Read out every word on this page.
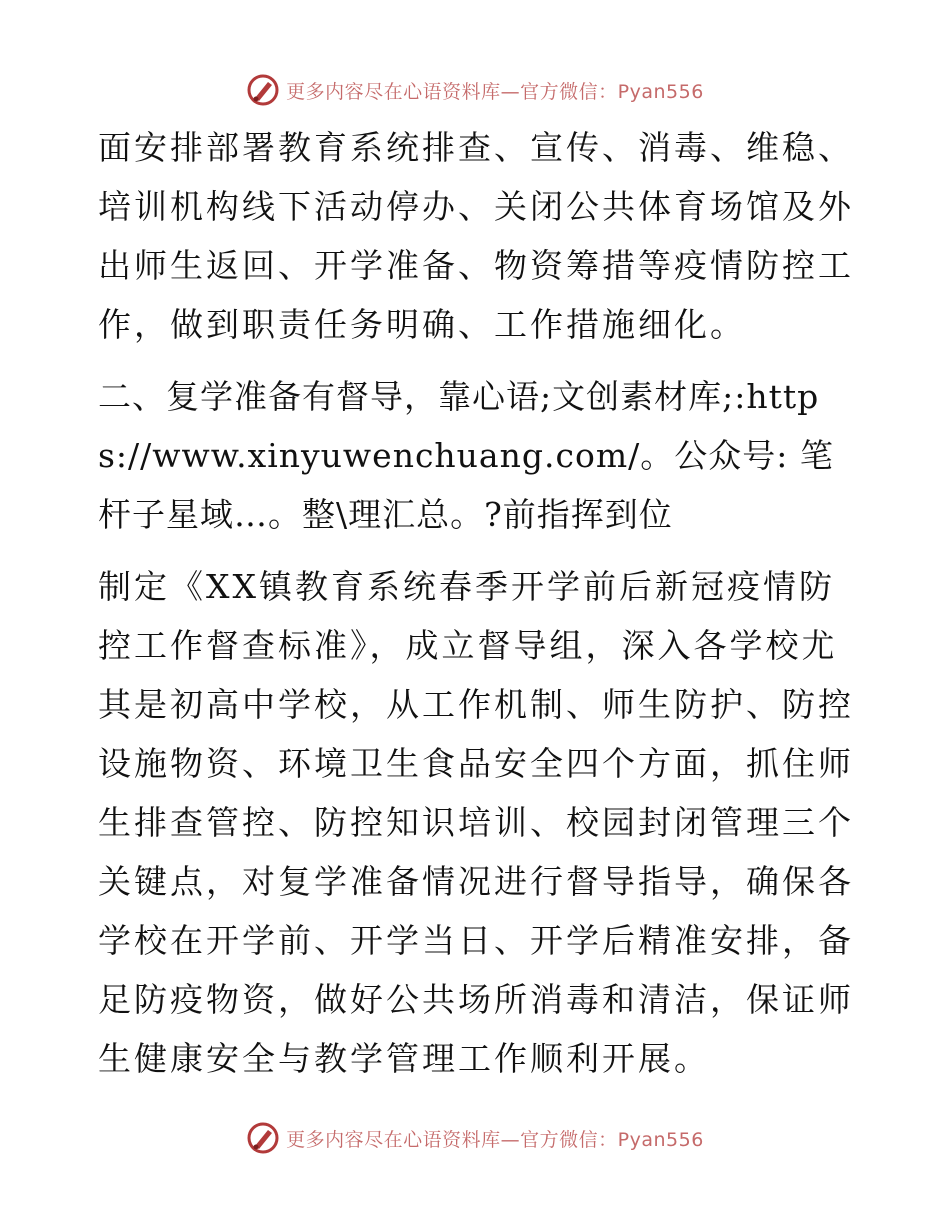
更多内容尽在心语资料库—官方微信：Pyan556

面安排部署教育系统排查、宣传、消毒、维稳、培训机构线下活动停办、关闭公共体育场馆及外出师生返回、开学准备、物资筹措等疫情防控工作，做到职责任务明确、工作措施细化。

二、复学准备有督导，靠心语;文创素材库;:https://www.xinyuwenchuang.com/。公众号: 笔杆子星域…。整\理汇总。?前指挥到位

制定《XX镇教育系统春季开学前后新冠疫情防控工作督查标准》，成立督导组，深入各学校尤其是初高中学校，从工作机制、师生防护、防控设施物资、环境卫生食品安全四个方面，抓住师生排查管控、防控知识培训、校园封闭管理三个关键点，对复学准备情况进行督导指导，确保各学校在开学前、开学当日、开学后精准安排，备足防疫物资，做好公共场所消毒和清洁，保证师生健康安全与教学管理工作顺利开展。

更多内容尽在心语资料库—官方微信：Pyan556
